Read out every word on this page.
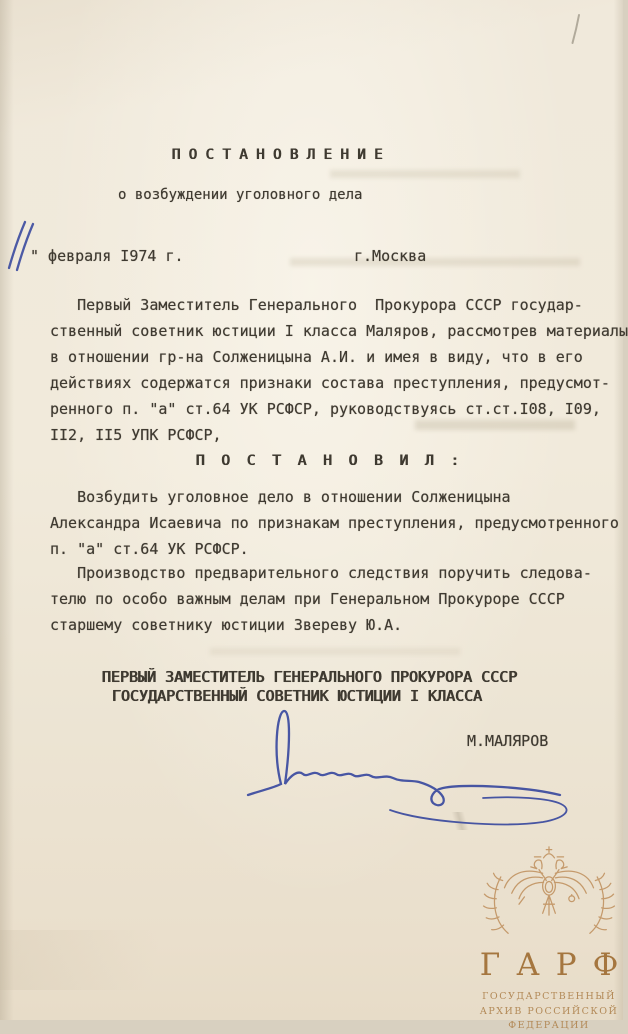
П О С Т А Н О В Л Е Н И Е
о возбуждении уголовного дела
" февраля I974 г.	г.Москва
Первый Заместитель Генерального  Прокурора СССР государ-
ственный советник юстиции I класса Маляров, рассмотрев материалы
в отношении гр-на Солженицына А.И. и имея в виду, что в его
действиях содержатся признаки состава преступления, предусмот-
ренного п. "а" ст.64 УК РСФСР, руководствуясь ст.ст.I08, I09,
II2, II5 УПК РСФСР,
П О С Т А Н О В И Л :
Возбудить уголовное дело в отношении Солженицына
Александра Исаевича по признакам преступления, предусмотренного
п. "а" ст.64 УК РСФСР.
Производство предварительного следствия поручить следова-
телю по особо важным делам при Генеральном Прокуроре СССР
старшему советнику юстиции Звереву Ю.А.
ПЕРВЫЙ ЗАМЕСТИТЕЛЬ ГЕНЕРАЛЬНОГО ПРОКУРОРА СССР
ГОСУДАРСТВЕННЫЙ СОВЕТНИК ЮСТИЦИИ I КЛАССА
М.МАЛЯРОВ
Г А Р Ф
ГОСУДАРСТВЕННЫЙ
АРХИВ РОССИЙСКОЙ
ФЕДЕРАЦИИ
